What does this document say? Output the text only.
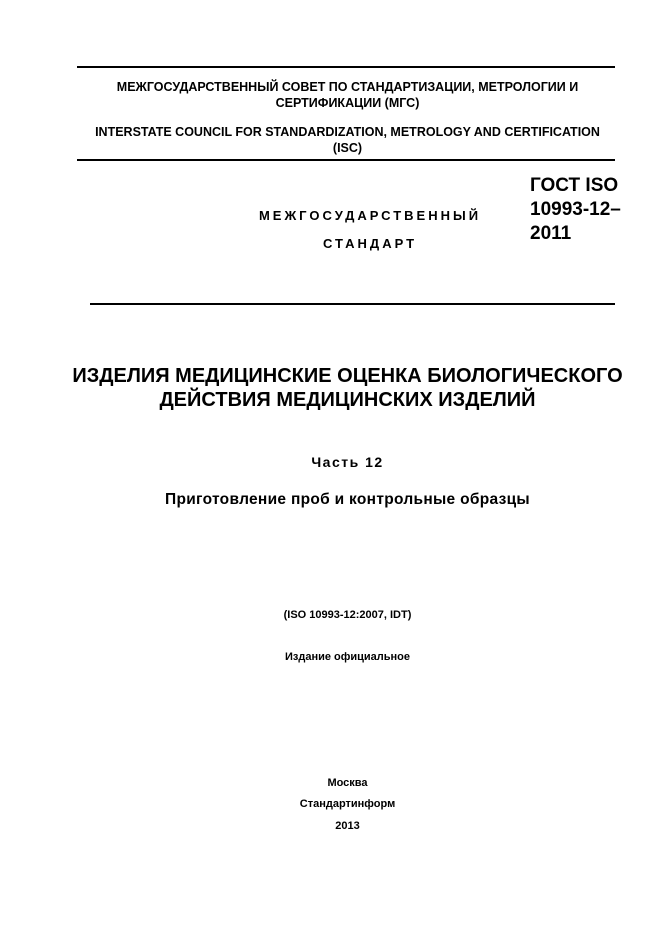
МЕЖГОСУДАРСТВЕННЫЙ СОВЕТ ПО СТАНДАРТИЗАЦИИ, МЕТРОЛОГИИ И СЕРТИФИКАЦИИ (МГС)
INTERSTATE COUNCIL FOR STANDARDIZATION, METROLOGY AND CERTIFICATION (ISC)
МЕЖГОСУДАРСТВЕННЫЙ
СТАНДАРТ
ГОСТ ISO 10993-12–2011
ИЗДЕЛИЯ МЕДИЦИНСКИЕ ОЦЕНКА БИОЛОГИЧЕСКОГО ДЕЙСТВИЯ МЕДИЦИНСКИХ ИЗДЕЛИЙ
Часть 12
Приготовление проб и контрольные образцы
(ISO 10993-12:2007, IDT)
Издание официальное
Москва
Стандартинформ
2013
